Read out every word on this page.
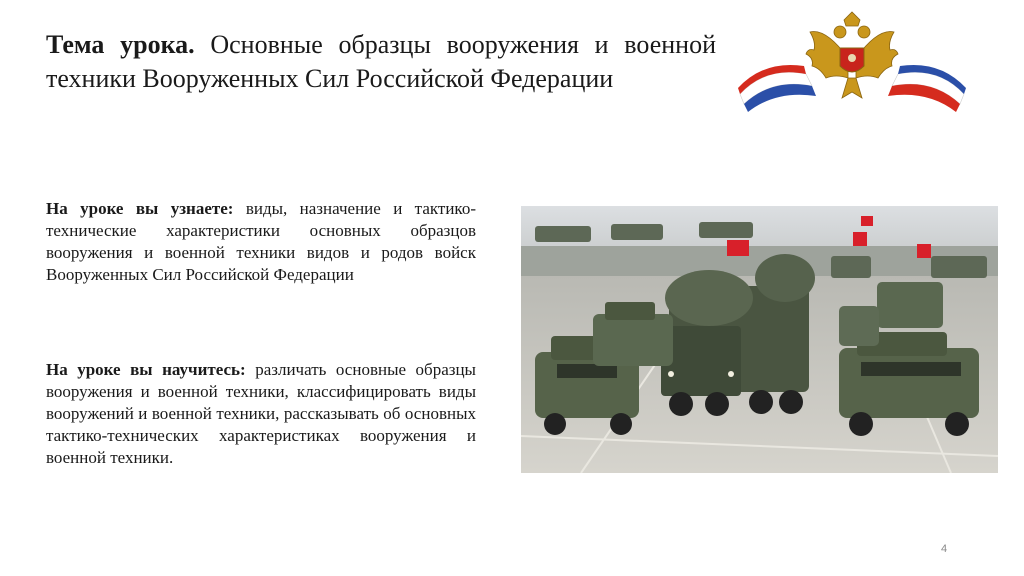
Тема урока. Основные образцы вооружения и военной техники Вооруженных Сил Российской Федерации
На уроке вы узнаете: виды, назначение и тактико-технические характеристики основных образцов вооружения и военной техники видов и родов войск Вооруженных Сил Российской Федерации
На уроке вы научитесь: различать основные образцы вооружения и военной техники, классифицировать виды вооружений и военной техники, рассказывать об основных тактико-технических характеристиках вооружения и военной техники.
4
